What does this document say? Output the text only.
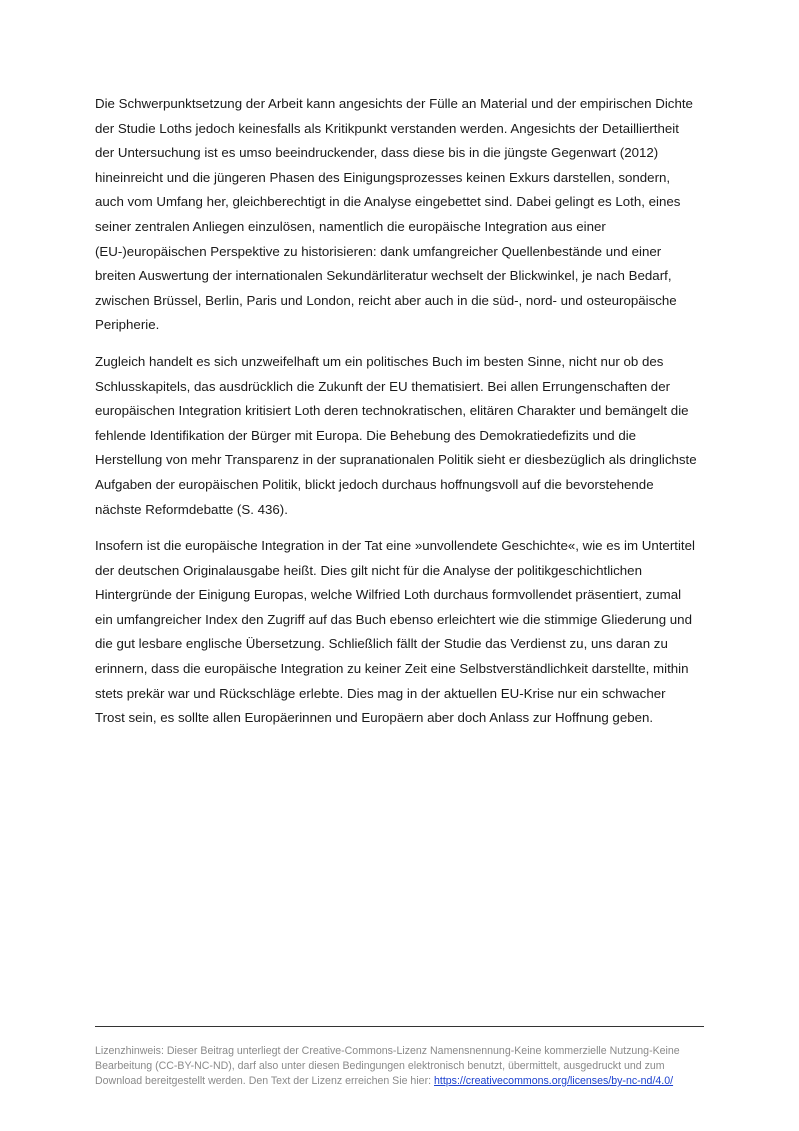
Die Schwerpunktsetzung der Arbeit kann angesichts der Fülle an Material und der empirischen Dichte
der Studie Loths jedoch keinesfalls als Kritikpunkt verstanden werden. Angesichts der Detailliertheit
der Untersuchung ist es umso beeindruckender, dass diese bis in die jüngste Gegenwart (2012)
hineinreicht und die jüngeren Phasen des Einigungsprozesses keinen Exkurs darstellen, sondern,
auch vom Umfang her, gleichberechtigt in die Analyse eingebettet sind. Dabei gelingt es Loth, eines
seiner zentralen Anliegen einzulösen, namentlich die europäische Integration aus einer
(EU-)europäischen Perspektive zu historisieren: dank umfangreicher Quellenbestände und einer
breiten Auswertung der internationalen Sekundärliteratur wechselt der Blickwinkel, je nach Bedarf,
zwischen Brüssel, Berlin, Paris und London, reicht aber auch in die süd-, nord- und osteuropäische
Peripherie.
Zugleich handelt es sich unzweifelhaft um ein politisches Buch im besten Sinne, nicht nur ob des
Schlusskapitels, das ausdrücklich die Zukunft der EU thematisiert. Bei allen Errungenschaften der
europäischen Integration kritisiert Loth deren technokratischen, elitären Charakter und bemängelt die
fehlende Identifikation der Bürger mit Europa. Die Behebung des Demokratiedefizits und die
Herstellung von mehr Transparenz in der supranationalen Politik sieht er diesbezüglich als dringlichste
Aufgaben der europäischen Politik, blickt jedoch durchaus hoffnungsvoll auf die bevorstehende
nächste Reformdebatte (S. 436).
Insofern ist die europäische Integration in der Tat eine »unvollendete Geschichte«, wie es im Untertitel
der deutschen Originalausgabe heißt. Dies gilt nicht für die Analyse der politikgeschichtlichen
Hintergründe der Einigung Europas, welche Wilfried Loth durchaus formvollendet präsentiert, zumal
ein umfangreicher Index den Zugriff auf das Buch ebenso erleichtert wie die stimmige Gliederung und
die gut lesbare englische Übersetzung. Schließlich fällt der Studie das Verdienst zu, uns daran zu
erinnern, dass die europäische Integration zu keiner Zeit eine Selbstverständlichkeit darstellte, mithin
stets prekär war und Rückschläge erlebte. Dies mag in der aktuellen EU-Krise nur ein schwacher
Trost sein, es sollte allen Europäerinnen und Europäern aber doch Anlass zur Hoffnung geben.
Lizenzhinweis: Dieser Beitrag unterliegt der Creative-Commons-Lizenz Namensnennung-Keine kommerzielle Nutzung-Keine
Bearbeitung (CC-BY-NC-ND), darf also unter diesen Bedingungen elektronisch benutzt, übermittelt, ausgedruckt und zum
Download bereitgestellt werden. Den Text der Lizenz erreichen Sie hier: https://creativecommons.org/licenses/by-nc-nd/4.0/
